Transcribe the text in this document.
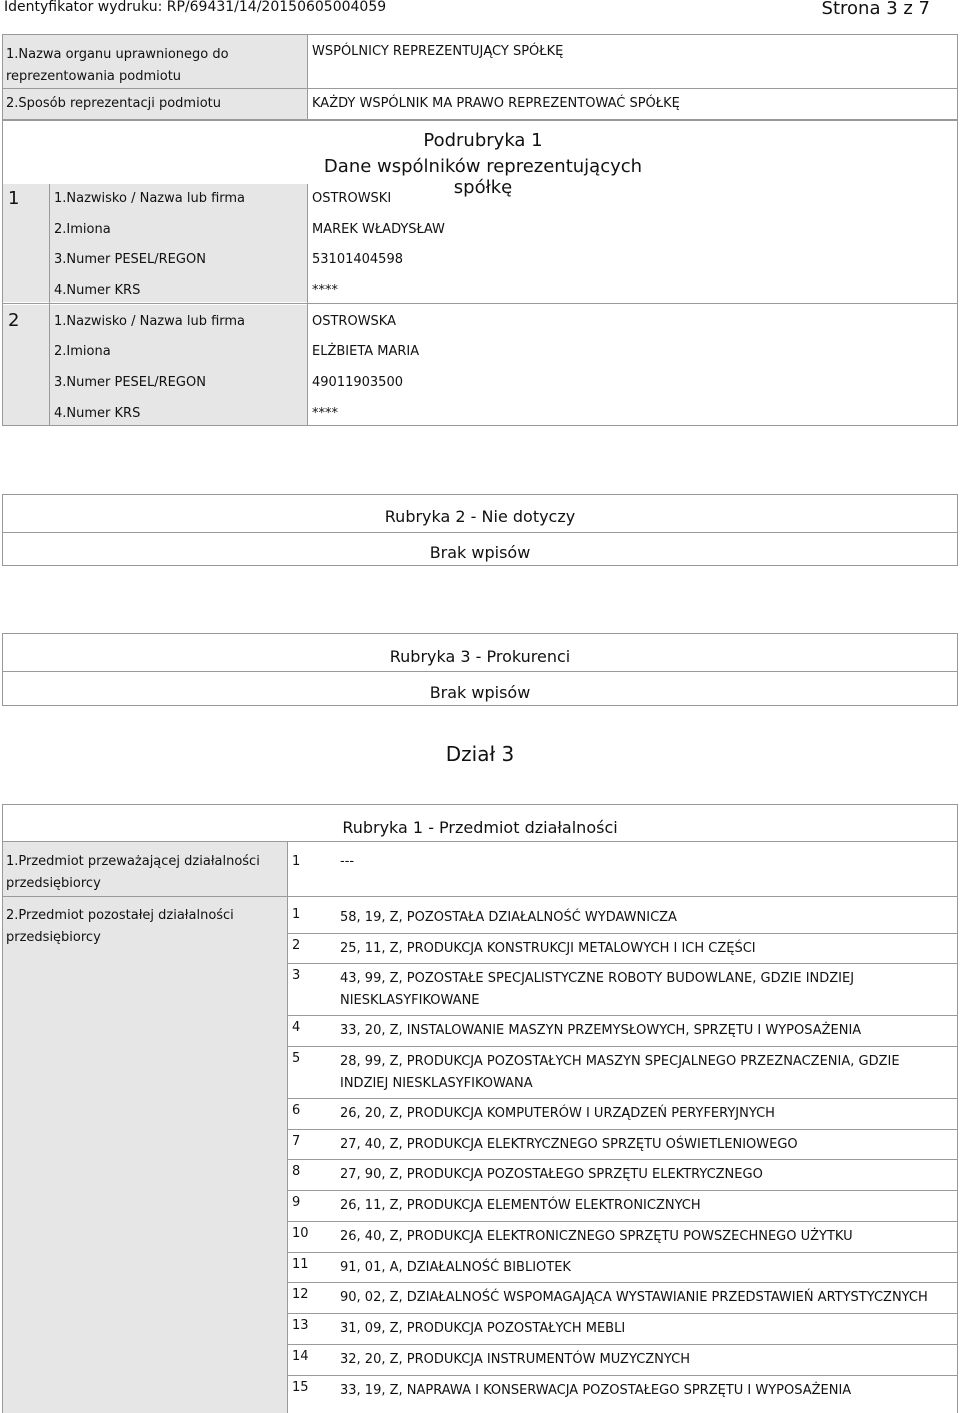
Identyfikator wydruku: RP/69431/14/20150605004059	Strona 3 z 7
1.Nazwa organu uprawnionego do reprezentowania podmiotu
WSPÓLNICY REPREZENTUJĄCY SPÓŁKĘ
2.Sposób reprezentacji podmiotu	KAŻDY WSPÓLNIK MA PRAWO REPREZENTOWAĆ SPÓŁKĘ
Podrubryka 1
Dane wspólników reprezentujących spółkę
1	1.Nazwisko / Nazwa lub firma	OSTROWSKI
2.Imiona	MAREK WŁADYSŁAW
3.Numer PESEL/REGON	53101404598
4.Numer KRS	****
2	1.Nazwisko / Nazwa lub firma	OSTROWSKA
2.Imiona	ELŻBIETA MARIA
3.Numer PESEL/REGON	49011903500
4.Numer KRS	****
Rubryka 2 - Nie dotyczy
Brak wpisów
Rubryka 3 - Prokurenci
Brak wpisów
Dział 3
Rubryka 1 - Przedmiot działalności
1.Przedmiot przeważającej działalności przedsiębiorcy
1	---
2.Przedmiot pozostałej działalności przedsiębiorcy
1	58, 19, Z, POZOSTAŁA DZIAŁALNOŚĆ WYDAWNICZA
2	25, 11, Z, PRODUKCJA KONSTRUKCJI METALOWYCH I ICH CZĘŚCI
3	43, 99, Z, POZOSTAŁE SPECJALISTYCZNE ROBOTY BUDOWLANE, GDZIE INDZIEJ NIESKLASYFIKOWANE
4	33, 20, Z, INSTALOWANIE MASZYN PRZEMYSŁOWYCH, SPRZĘTU I WYPOSAŻENIA
5	28, 99, Z, PRODUKCJA POZOSTAŁYCH MASZYN SPECJALNEGO PRZEZNACZENIA, GDZIE INDZIEJ NIESKLASYFIKOWANA
6	26, 20, Z, PRODUKCJA KOMPUTERÓW I URZĄDZEŃ PERYFERYJNYCH
7	27, 40, Z, PRODUKCJA ELEKTRYCZNEGO SPRZĘTU OŚWIETLENIOWEGO
8	27, 90, Z, PRODUKCJA POZOSTAŁEGO SPRZĘTU ELEKTRYCZNEGO
9	26, 11, Z, PRODUKCJA ELEMENTÓW ELEKTRONICZNYCH
10 26, 40, Z, PRODUKCJA ELEKTRONICZNEGO SPRZĘTU POWSZECHNEGO UŻYTKU
11 91, 01, A, DZIAŁALNOŚĆ BIBLIOTEK
12 90, 02, Z, DZIAŁALNOŚĆ WSPOMAGAJĄCA WYSTAWIANIE PRZEDSTAWIEŃ ARTYSTYCZNYCH
13 31, 09, Z, PRODUKCJA POZOSTAŁYCH MEBLI
14 32, 20, Z, PRODUKCJA INSTRUMENTÓW MUZYCZNYCH
15 33, 19, Z, NAPRAWA I KONSERWACJA POZOSTAŁEGO SPRZĘTU I WYPOSAŻENIA
